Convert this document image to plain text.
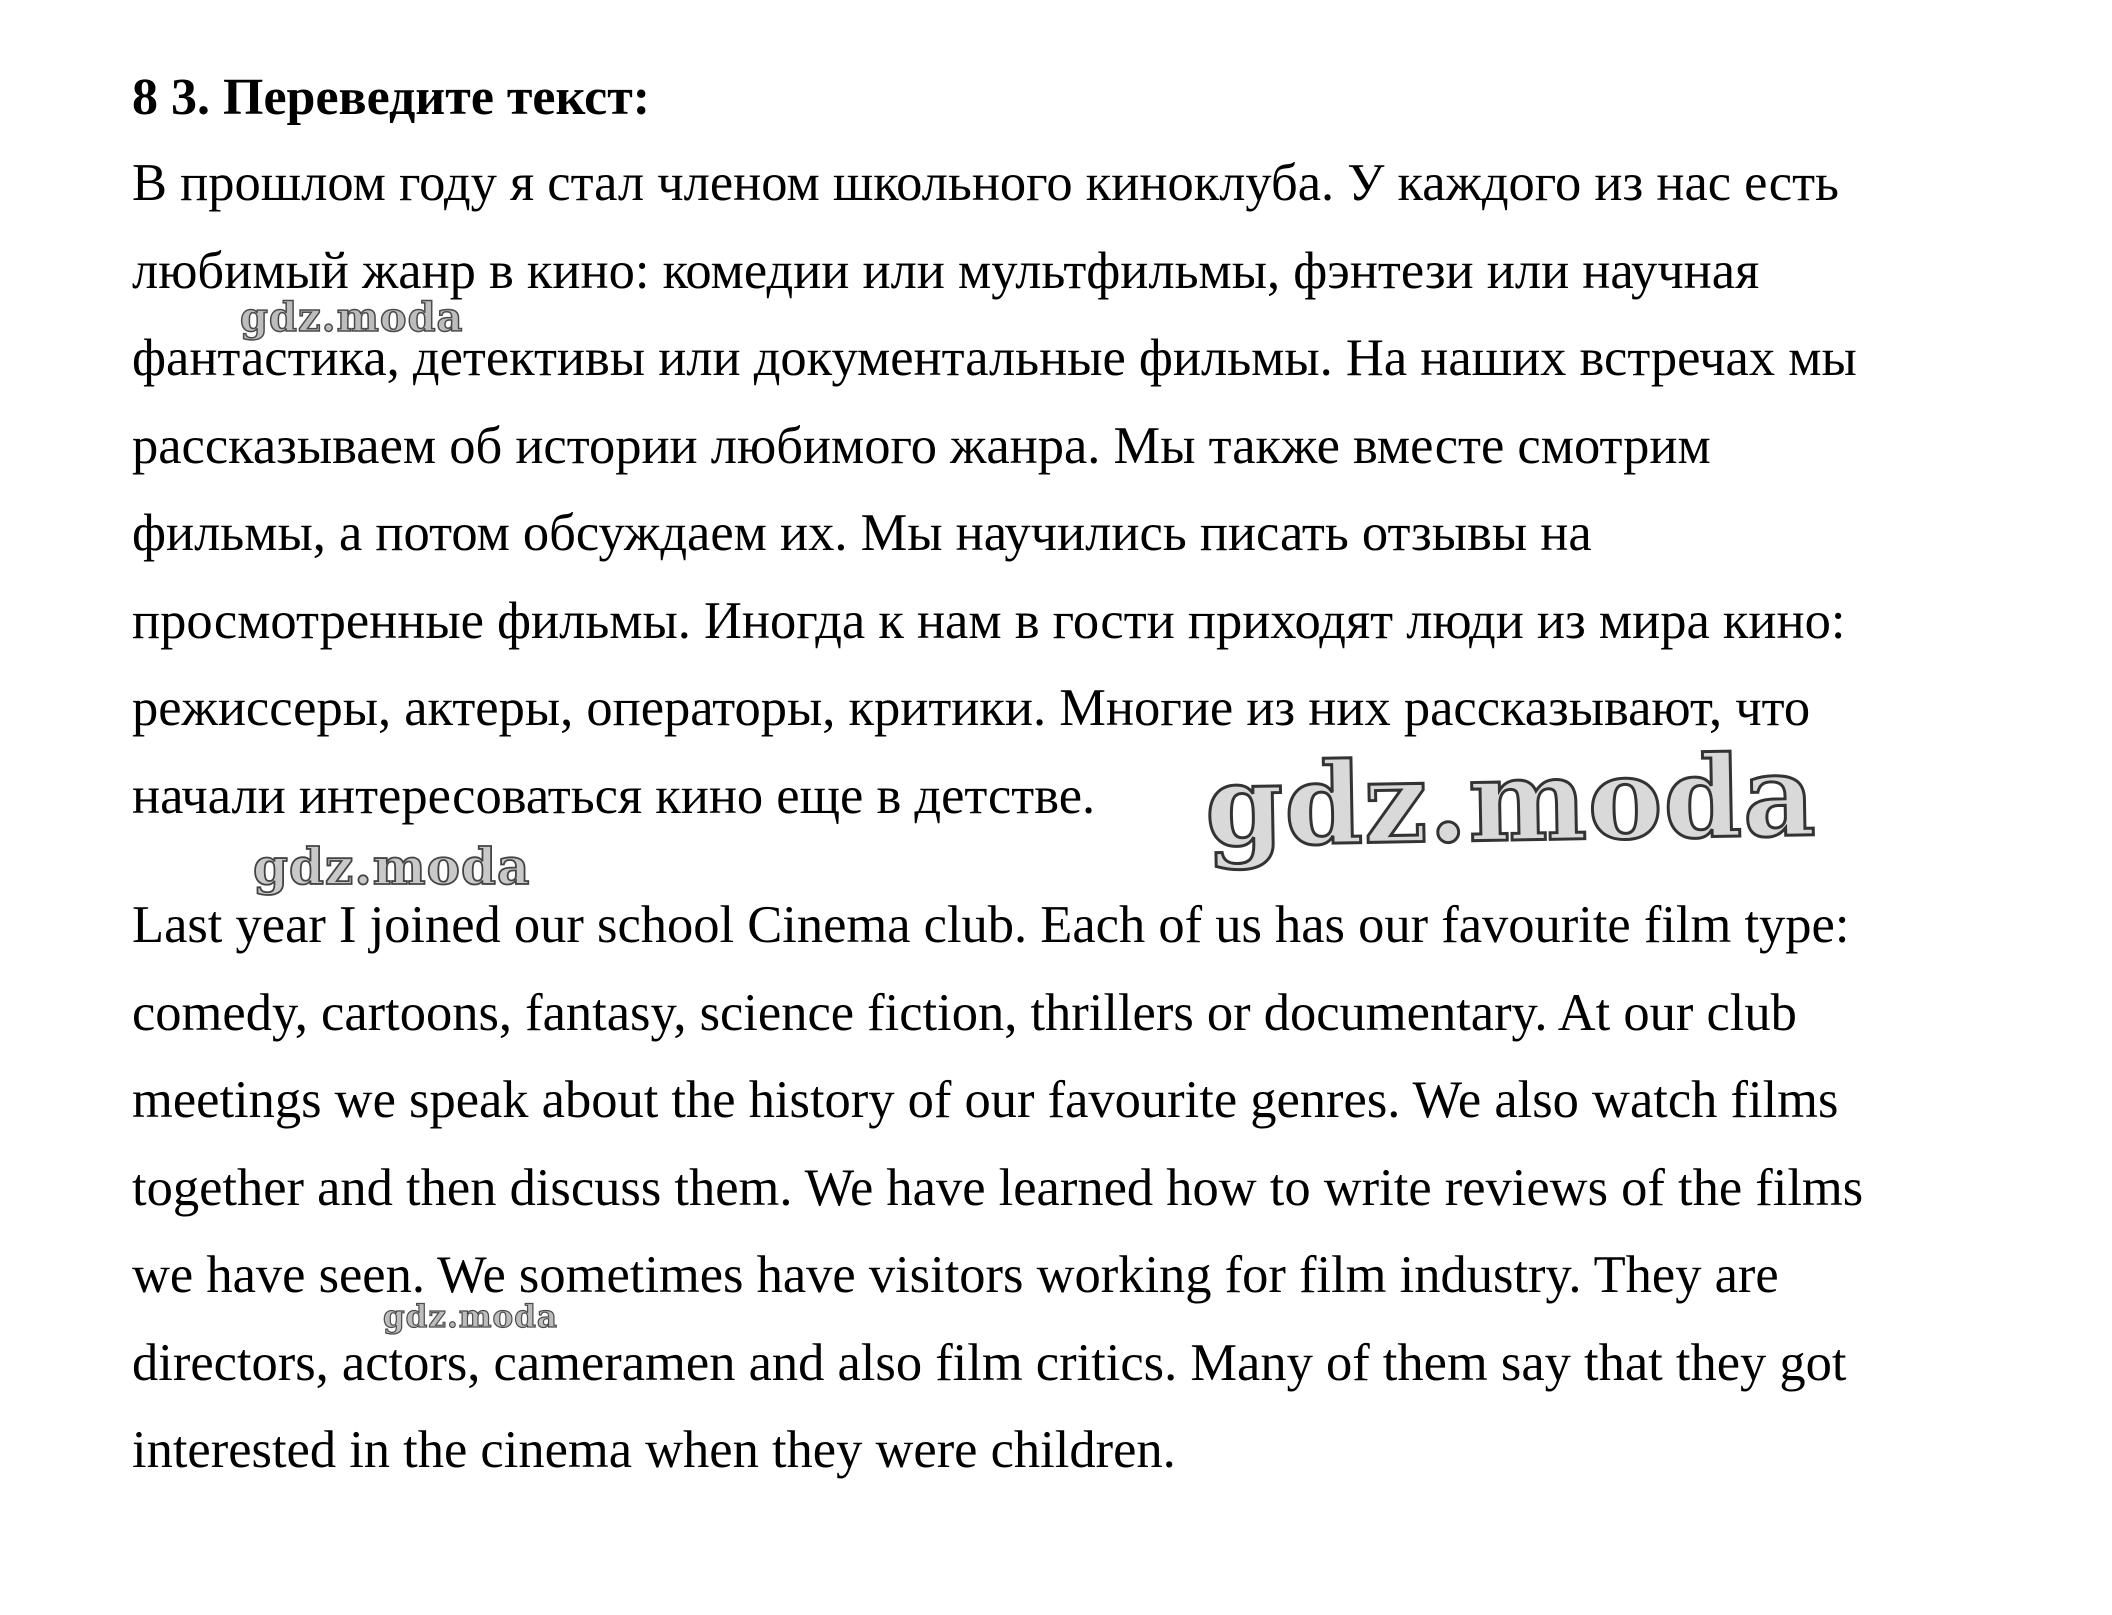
8 3. Переведите текст:

В прошлом году я стал членом школьного киноклуба. У каждого из нас есть
любимый жанр в кино: комедии или мультфильмы, фэнтези или научная
фантастика, детективы или документальные фильмы. На наших встречах мы
рассказываем об истории любимого жанра. Мы также вместе смотрим
фильмы, а потом обсуждаем их. Мы научились писать отзывы на
просмотренные фильмы. Иногда к нам в гости приходят люди из мира кино:
режиссеры, актеры, операторы, критики. Многие из них рассказывают, что
начали интересоваться кино еще в детстве.

Last year I joined our school Cinema club. Each of us has our favourite film type:
comedy, cartoons, fantasy, science fiction, thrillers or documentary. At our club
meetings we speak about the history of our favourite genres. We also watch films
together and then discuss them. We have learned how to write reviews of the films
we have seen. We sometimes have visitors working for film industry. They are
directors, actors, cameramen and also film critics. Many of them say that they got
interested in the cinema when they were children.

gdz.moda
gdz.moda
gdz.moda
gdz.moda
